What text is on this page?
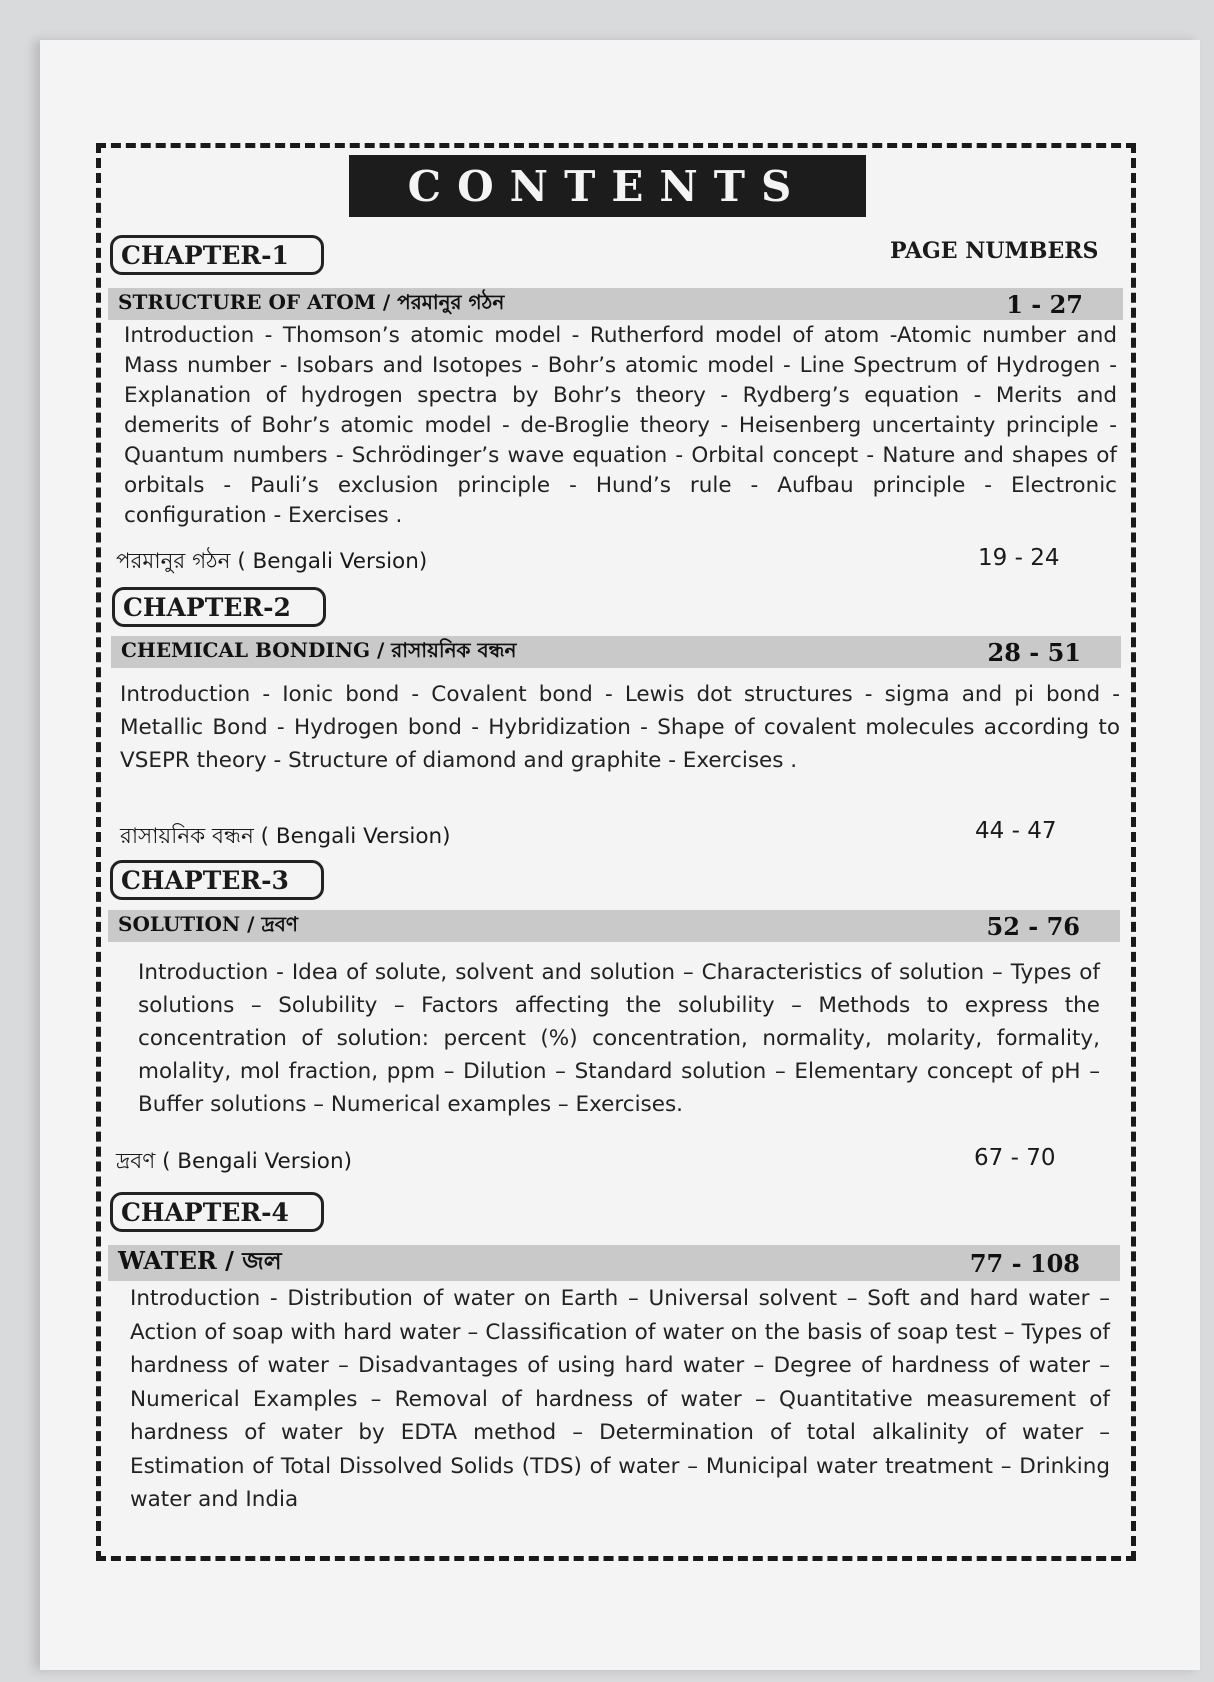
CONTENTS
PAGE NUMBERS
CHAPTER-1
STRUCTURE OF ATOM / পরমানুর গঠন	1 - 27

Introduction - Thomson’s atomic model - Rutherford model of atom -Atomic number and Mass number - Isobars and Isotopes - Bohr’s atomic model - Line Spectrum of Hydrogen - Explanation of hydrogen spectra by Bohr’s theory - Rydberg’s equation - Merits and demerits of Bohr’s atomic model - de-Broglie theory - Heisenberg uncertainty principle - Quantum numbers - Schrödinger’s wave equation - Orbital concept - Nature and shapes of orbitals - Pauli’s exclusion principle - Hund’s rule - Aufbau principle - Electronic configuration - Exercises .

পরমানুর গঠন ( Bengali Version)	19 - 24
CHAPTER-2
CHEMICAL BONDING / রাসায়নিক বন্ধন	28 - 51

Introduction - Ionic bond - Covalent bond - Lewis dot structures - sigma and pi bond - Metallic Bond - Hydrogen bond - Hybridization - Shape of covalent molecules according to VSEPR theory - Structure of diamond and graphite - Exercises .

রাসায়নিক বন্ধন ( Bengali Version)	44 - 47
CHAPTER-3
SOLUTION / দ্রবণ	52 - 76

Introduction - Idea of solute, solvent and solution – Characteristics of solution – Types of solutions – Solubility – Factors affecting the solubility – Methods to express the concentration of solution: percent (%) concentration, normality, molarity, formality, molality, mol fraction, ppm – Dilution – Standard solution – Elementary concept of pH – Buffer solutions – Numerical examples – Exercises.

দ্রবণ ( Bengali Version)	67 - 70
CHAPTER-4
WATER / জল	77 - 108

Introduction - Distribution of water on Earth – Universal solvent – Soft and hard water – Action of soap with hard water – Classification of water on the basis of soap test – Types of hardness of water – Disadvantages of using hard water – Degree of hardness of water – Numerical Examples – Removal of hardness of water – Quantitative measurement of hardness of water by EDTA method – Determination of total alkalinity of water – Estimation of Total Dissolved Solids (TDS) of water – Municipal water treatment – Drinking water and India
